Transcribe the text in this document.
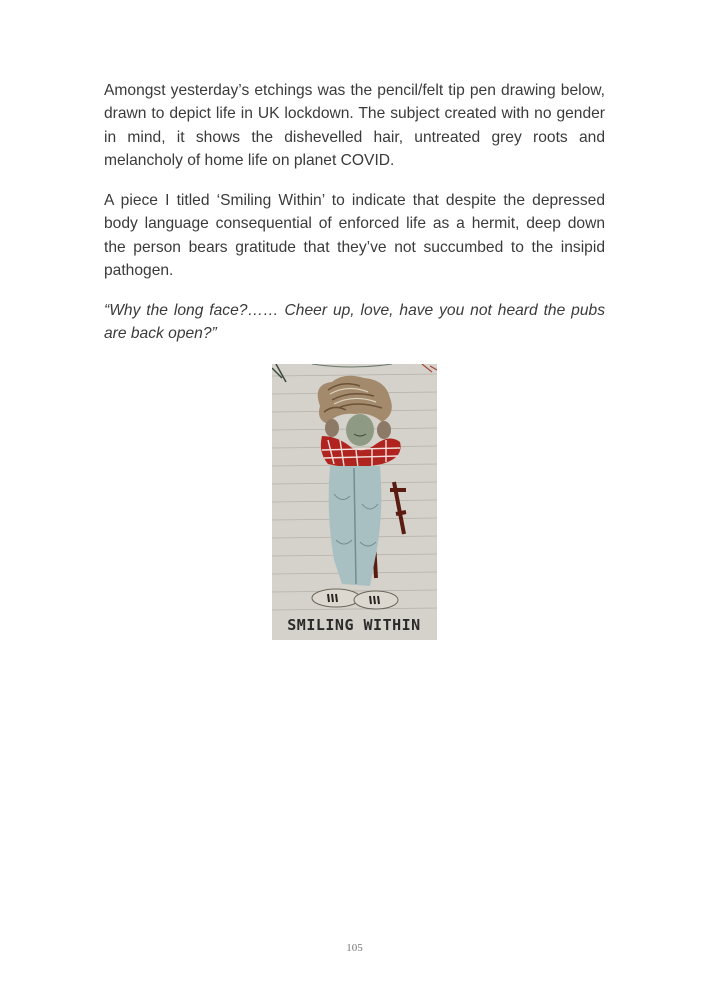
Amongst yesterday’s etchings was the pencil/felt tip pen drawing below, drawn to depict life in UK lockdown. The subject created with no gender in mind, it shows the dishevelled hair, untreated grey roots and melancholy of home life on planet COVID.

A piece I titled ‘Smiling Within’ to indicate that despite the depressed body language consequential of enforced life as a hermit, deep down the person bears gratitude that they’ve not succumbed to the insipid pathogen.

“Why the long face?…… Cheer up, love, have you not heard the pubs are back open?”

SMILING WITHIN
105
